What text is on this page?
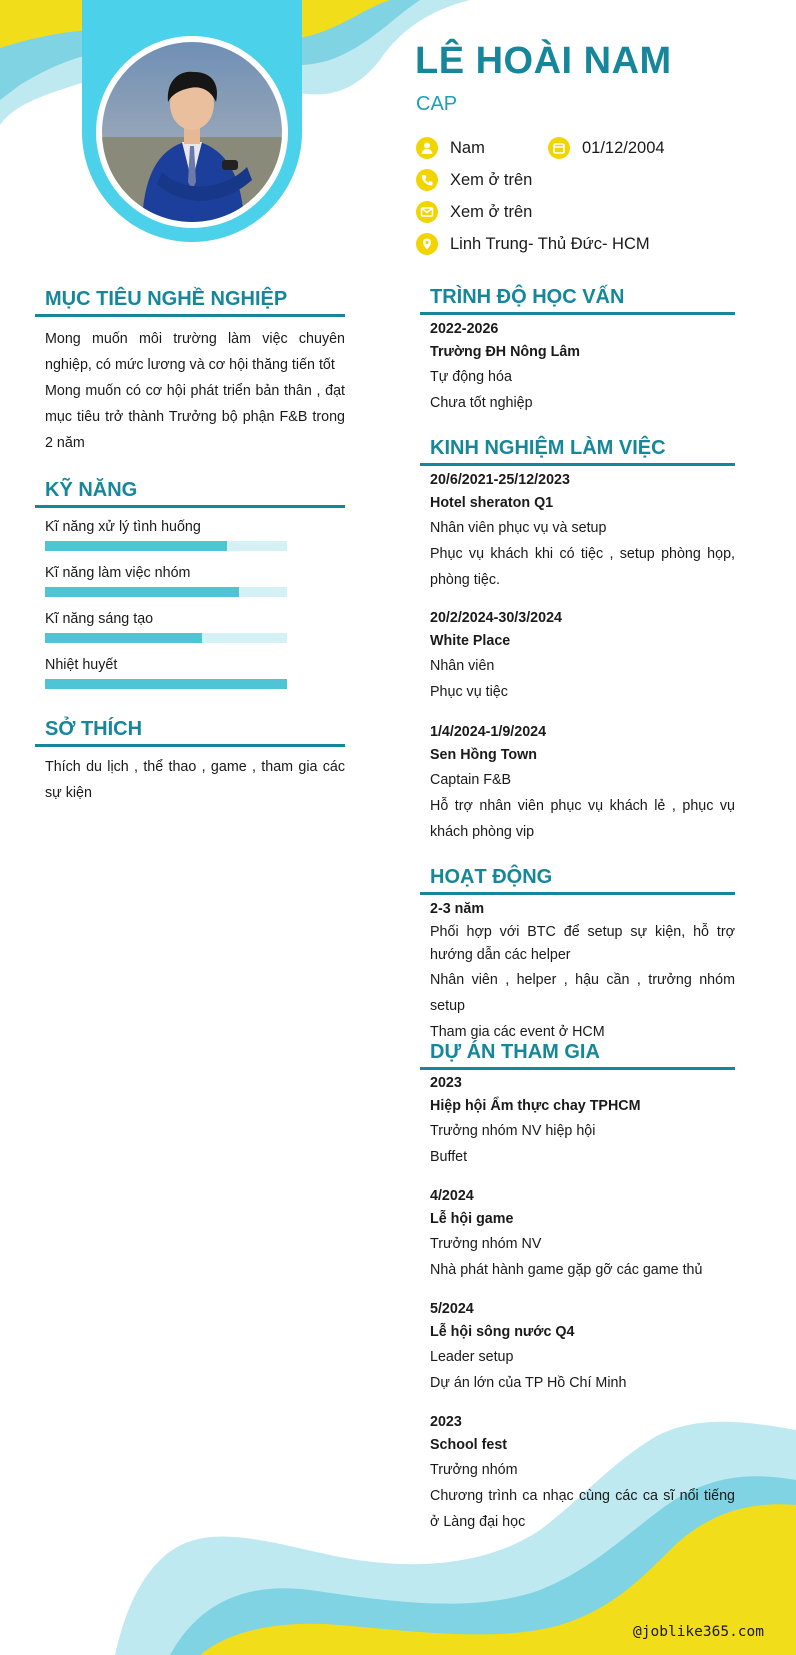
LÊ HOÀI NAM
CAP
Nam	01/12/2004
Xem ở trên
Xem ở trên
Linh Trung- Thủ Đức- HCM
MỤC TIÊU NGHỀ NGHIỆP
Mong muốn môi trường làm việc chuyên nghiệp, có mức lương và cơ hội thăng tiến tốt
Mong muốn có cơ hội phát triển bản thân , đạt mục tiêu trở thành Trưởng bộ phận F&B trong 2 năm
KỸ NĂNG
Kĩ năng xử lý tình huống
Kĩ năng làm việc nhóm
Kĩ năng sáng tạo
Nhiệt huyết
SỞ THÍCH
Thích du lịch , thể thao , game , tham gia các sự kiện
TRÌNH ĐỘ HỌC VẤN
2022-2026
Trường ĐH Nông Lâm
Tự động hóa
Chưa tốt nghiệp
KINH NGHIỆM LÀM VIỆC
20/6/2021-25/12/2023
Hotel sheraton Q1
Nhân viên phục vụ và setup
Phục vụ khách khi có tiệc , setup phòng họp, phòng tiệc.
20/2/2024-30/3/2024
White Place
Nhân viên
Phục vụ tiệc
1/4/2024-1/9/2024
Sen Hồng Town
Captain F&B
Hỗ trợ nhân viên phục vụ khách lẻ , phục vụ khách phòng vip
HOẠT ĐỘNG
2-3 năm
Phối hợp với BTC để setup sự kiện, hỗ trợ hướng dẫn các helper
Nhân viên , helper , hậu cần , trưởng nhóm setup
Tham gia các event ở HCM
DỰ ÁN THAM GIA
2023
Hiệp hội Ẩm thực chay TPHCM
Trưởng nhóm NV hiệp hội
Buffet
4/2024
Lễ hội game
Trưởng nhóm NV
Nhà phát hành game gặp gỡ các game thủ
5/2024
Lễ hội sông nước Q4
Leader setup
Dự án lớn của TP Hồ Chí Minh
2023
School fest
Trưởng nhóm
Chương trình ca nhạc cùng các ca sĩ nổi tiếng ở Làng đại học
@joblike365.com
